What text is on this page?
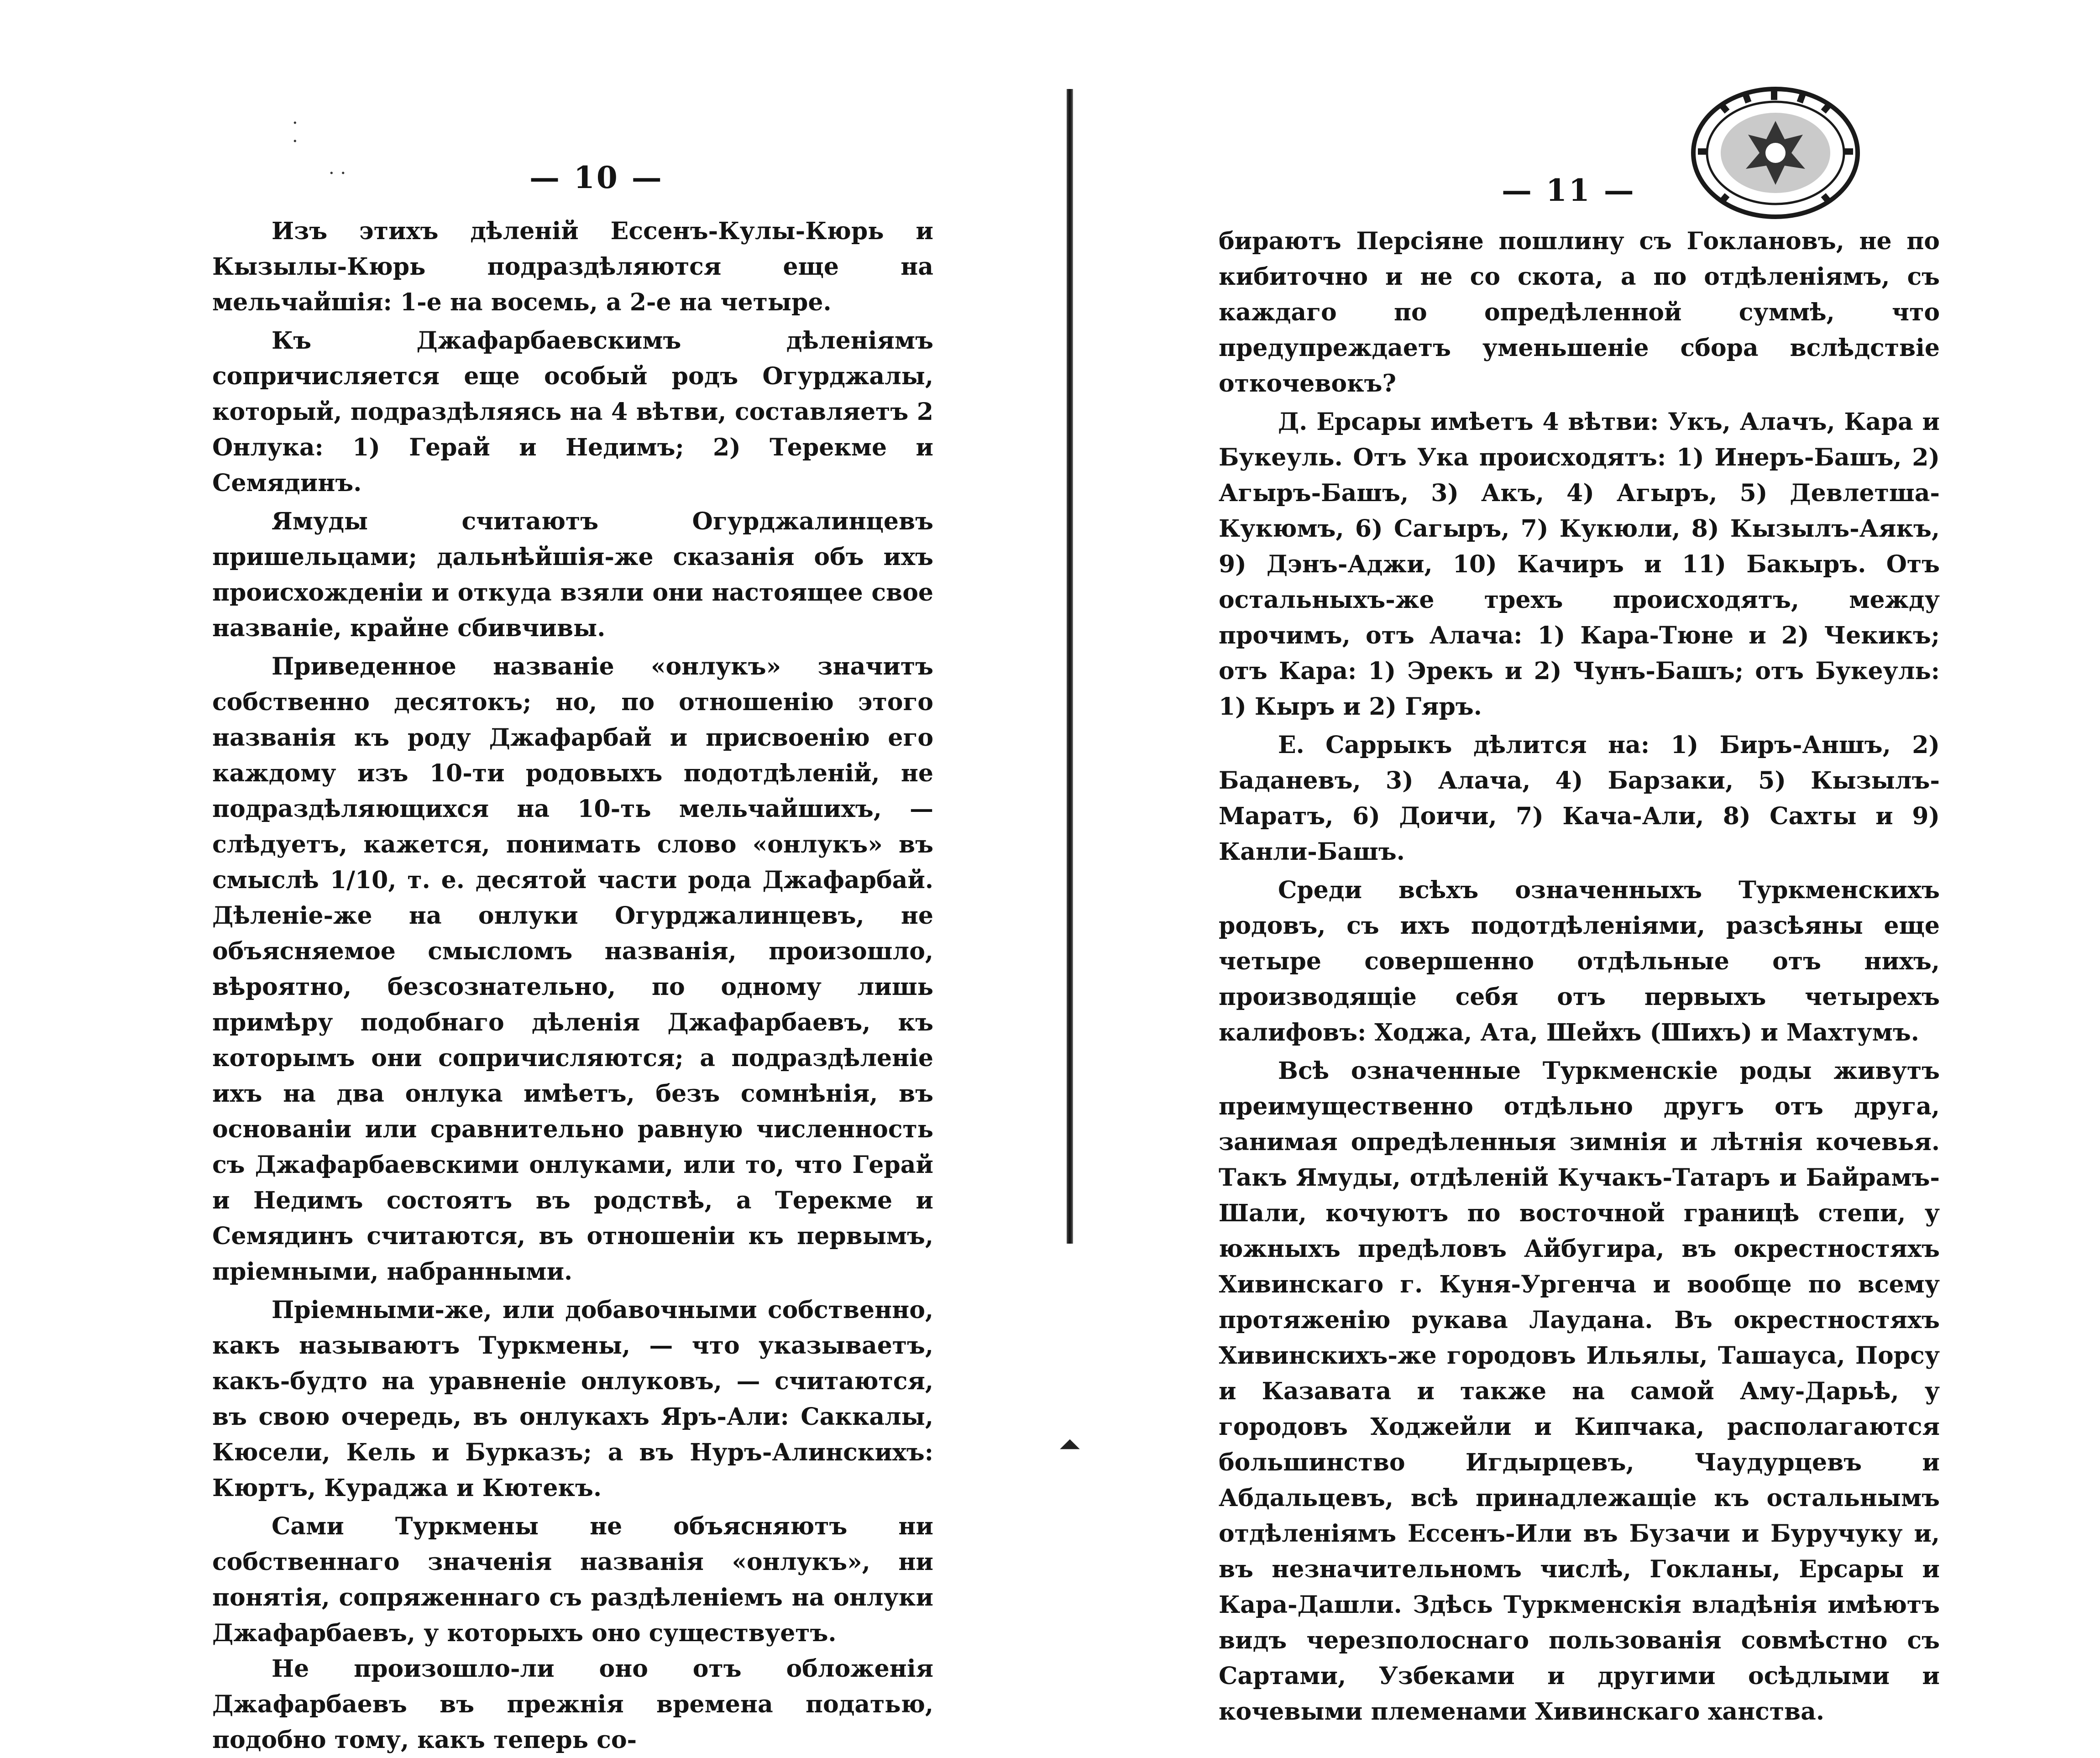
·
·
· ·	— 10 —

Изъ этихъ дѣленій Ессенъ-Кулы-Кюрь и Кызылы-Кюрь подраздѣляются еще на мельчайшія: 1-е на восемь, а 2-е на четыре.

Къ Джафарбаевскимъ дѣленіямъ сопричисляется еще особый родъ Огурджалы, который, подраздѣляясь на 4 вѣтви, составляетъ 2 Онлука: 1) Герай и Недимъ; 2) Терекме и Семядинъ.

Ямуды считаютъ Огурджалинцевъ пришельцами; дальнѣйшія-же сказанія объ ихъ происхожденіи и откуда взяли они настоящее свое названіе, крайне сбивчивы.

Приведенное названіе «онлукъ» значитъ собственно десятокъ; но, по отношенію этого названія къ роду Джафарбай и присвоенію его каждому изъ 10-ти родовыхъ подотдѣленій, не подраздѣляющихся на 10-ть мельчайшихъ, — слѣдуетъ, кажется, понимать слово «онлукъ» въ смыслѣ 1/10, т. е. десятой части рода Джафарбай. Дѣленіе-же на онлуки Огурджалинцевъ, не объясняемое смысломъ названія, произошло, вѣроятно, безсознательно, по одному лишь примѣру подобнаго дѣленія Джафарбаевъ, къ которымъ они сопричисляются; а подраздѣленіе ихъ на два онлука имѣетъ, безъ сомнѣнія, въ основаніи или сравнительно равную численность съ Джафарбаевскими онлуками, или то, что Герай и Недимъ состоятъ въ родствѣ, а Терекме и Семядинъ считаются, въ отношеніи къ первымъ, пріемными, набранными.

Пріемными-же, или добавочными собственно, какъ называютъ Туркмены, — что указываетъ, какъ-будто на уравненіе онлуковъ, — считаются, въ свою очередь, въ онлукахъ Яръ-Али: Саккалы, Кюсели, Кель и Бурказъ; а въ Нуръ-Алинскихъ: Кюртъ, Кураджа и Кютекъ.

Сами Туркмены не объясняютъ ни собственнаго значенія названія «онлукъ», ни понятія, сопряженнаго съ раздѣленіемъ на онлуки Джафарбаевъ, у которыхъ оно существуетъ.

Не произошло-ли оно отъ обложенія Джафарбаевъ въ прежнія времена податью, подобно тому, какъ теперь со-

⏶
— 11 —

бираютъ Персіяне пошлину съ Гоклановъ, не по кибиточно и не со скота, а по отдѣленіямъ, съ каждаго по опредѣленной суммѣ, что предупреждаетъ уменьшеніе сбора вслѣдствіе откочевокъ?

Д. Ерсары имѣетъ 4 вѣтви: Укъ, Алачъ, Кара и Букеуль. Отъ Ука происходятъ: 1) Инеръ-Башъ, 2) Агыръ-Башъ, 3) Акъ, 4) Агыръ, 5) Девлетша-Кукюмъ, 6) Сагыръ, 7) Кукюли, 8) Кызылъ-Аякъ, 9) Дэнъ-Аджи, 10) Качиръ и 11) Бакыръ. Отъ остальныхъ-же трехъ происходятъ, между прочимъ, отъ Алача: 1) Кара-Тюне и 2) Чекикъ; отъ Кара: 1) Эрекъ и 2) Чунъ-Башъ; отъ Букеуль: 1) Кыръ и 2) Гяръ.

Е. Саррыкъ дѣлится на: 1) Биръ-Аншъ, 2) Баданевъ, 3) Алача, 4) Барзаки, 5) Кызылъ-Маратъ, 6) Доичи, 7) Кача-Али, 8) Сахты и 9) Канли-Башъ.

Среди всѣхъ означенныхъ Туркменскихъ родовъ, съ ихъ подотдѣленіями, разсѣяны еще четыре совершенно отдѣльные отъ нихъ, производящіе себя отъ первыхъ четырехъ калифовъ: Ходжа, Ата, Шейхъ (Шихъ) и Махтумъ.

Всѣ означенные Туркменскіе роды живутъ преимущественно отдѣльно другъ отъ друга, занимая опредѣленныя зимнія и лѣтнія кочевья. Такъ Ямуды, отдѣленій Кучакъ-Татаръ и Байрамъ-Шали, кочуютъ по восточной границѣ степи, у южныхъ предѣловъ Айбугира, въ окрестностяхъ Хивинскаго г. Куня-Ургенча и вообще по всему протяженію рукава Лаудана. Въ окрестностяхъ Хивинскихъ-же городовъ Ильялы, Ташауса, Порсу и Казавата и также на самой Аму-Дарьѣ, у городовъ Ходжейли и Кипчака, располагаются большинство Игдырцевъ, Чаудурцевъ и Абдальцевъ, всѣ принадлежащіе къ остальнымъ отдѣленіямъ Ессенъ-Или въ Бузачи и Буручуку и, въ незначительномъ числѣ, Гокланы, Ерсары и Кара-Дашли. Здѣсь Туркменскія владѣнія имѣютъ видъ черезполоснаго пользованія совмѣстно съ Сартами, Узбеками и другими осѣдлыми и кочевыми племенами Хивинскаго ханства.
